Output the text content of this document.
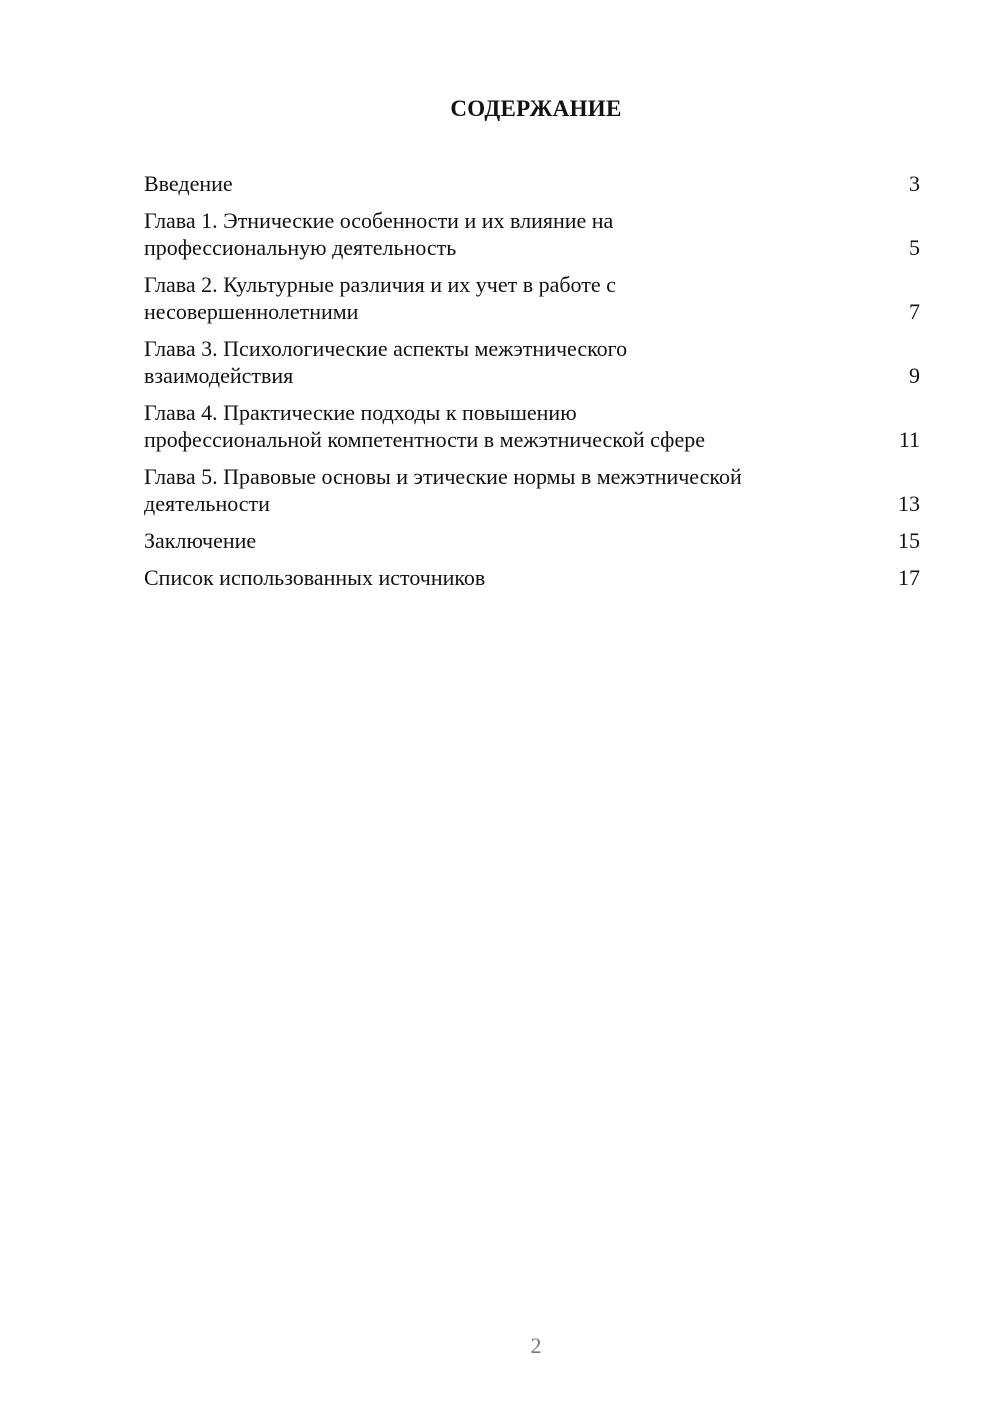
СОДЕРЖАНИЕ
Введение	3
Глава 1. Этнические особенности и их влияние на
профессиональную деятельность	5
Глава 2. Культурные различия и их учет в работе с
несовершеннолетними	7
Глава 3. Психологические аспекты межэтнического
взаимодействия	9
Глава 4. Практические подходы к повышению
профессиональной компетентности в межэтнической сфере	11
Глава 5. Правовые основы и этические нормы в межэтнической
деятельности	13
Заключение	15
Список использованных источников	17
2
